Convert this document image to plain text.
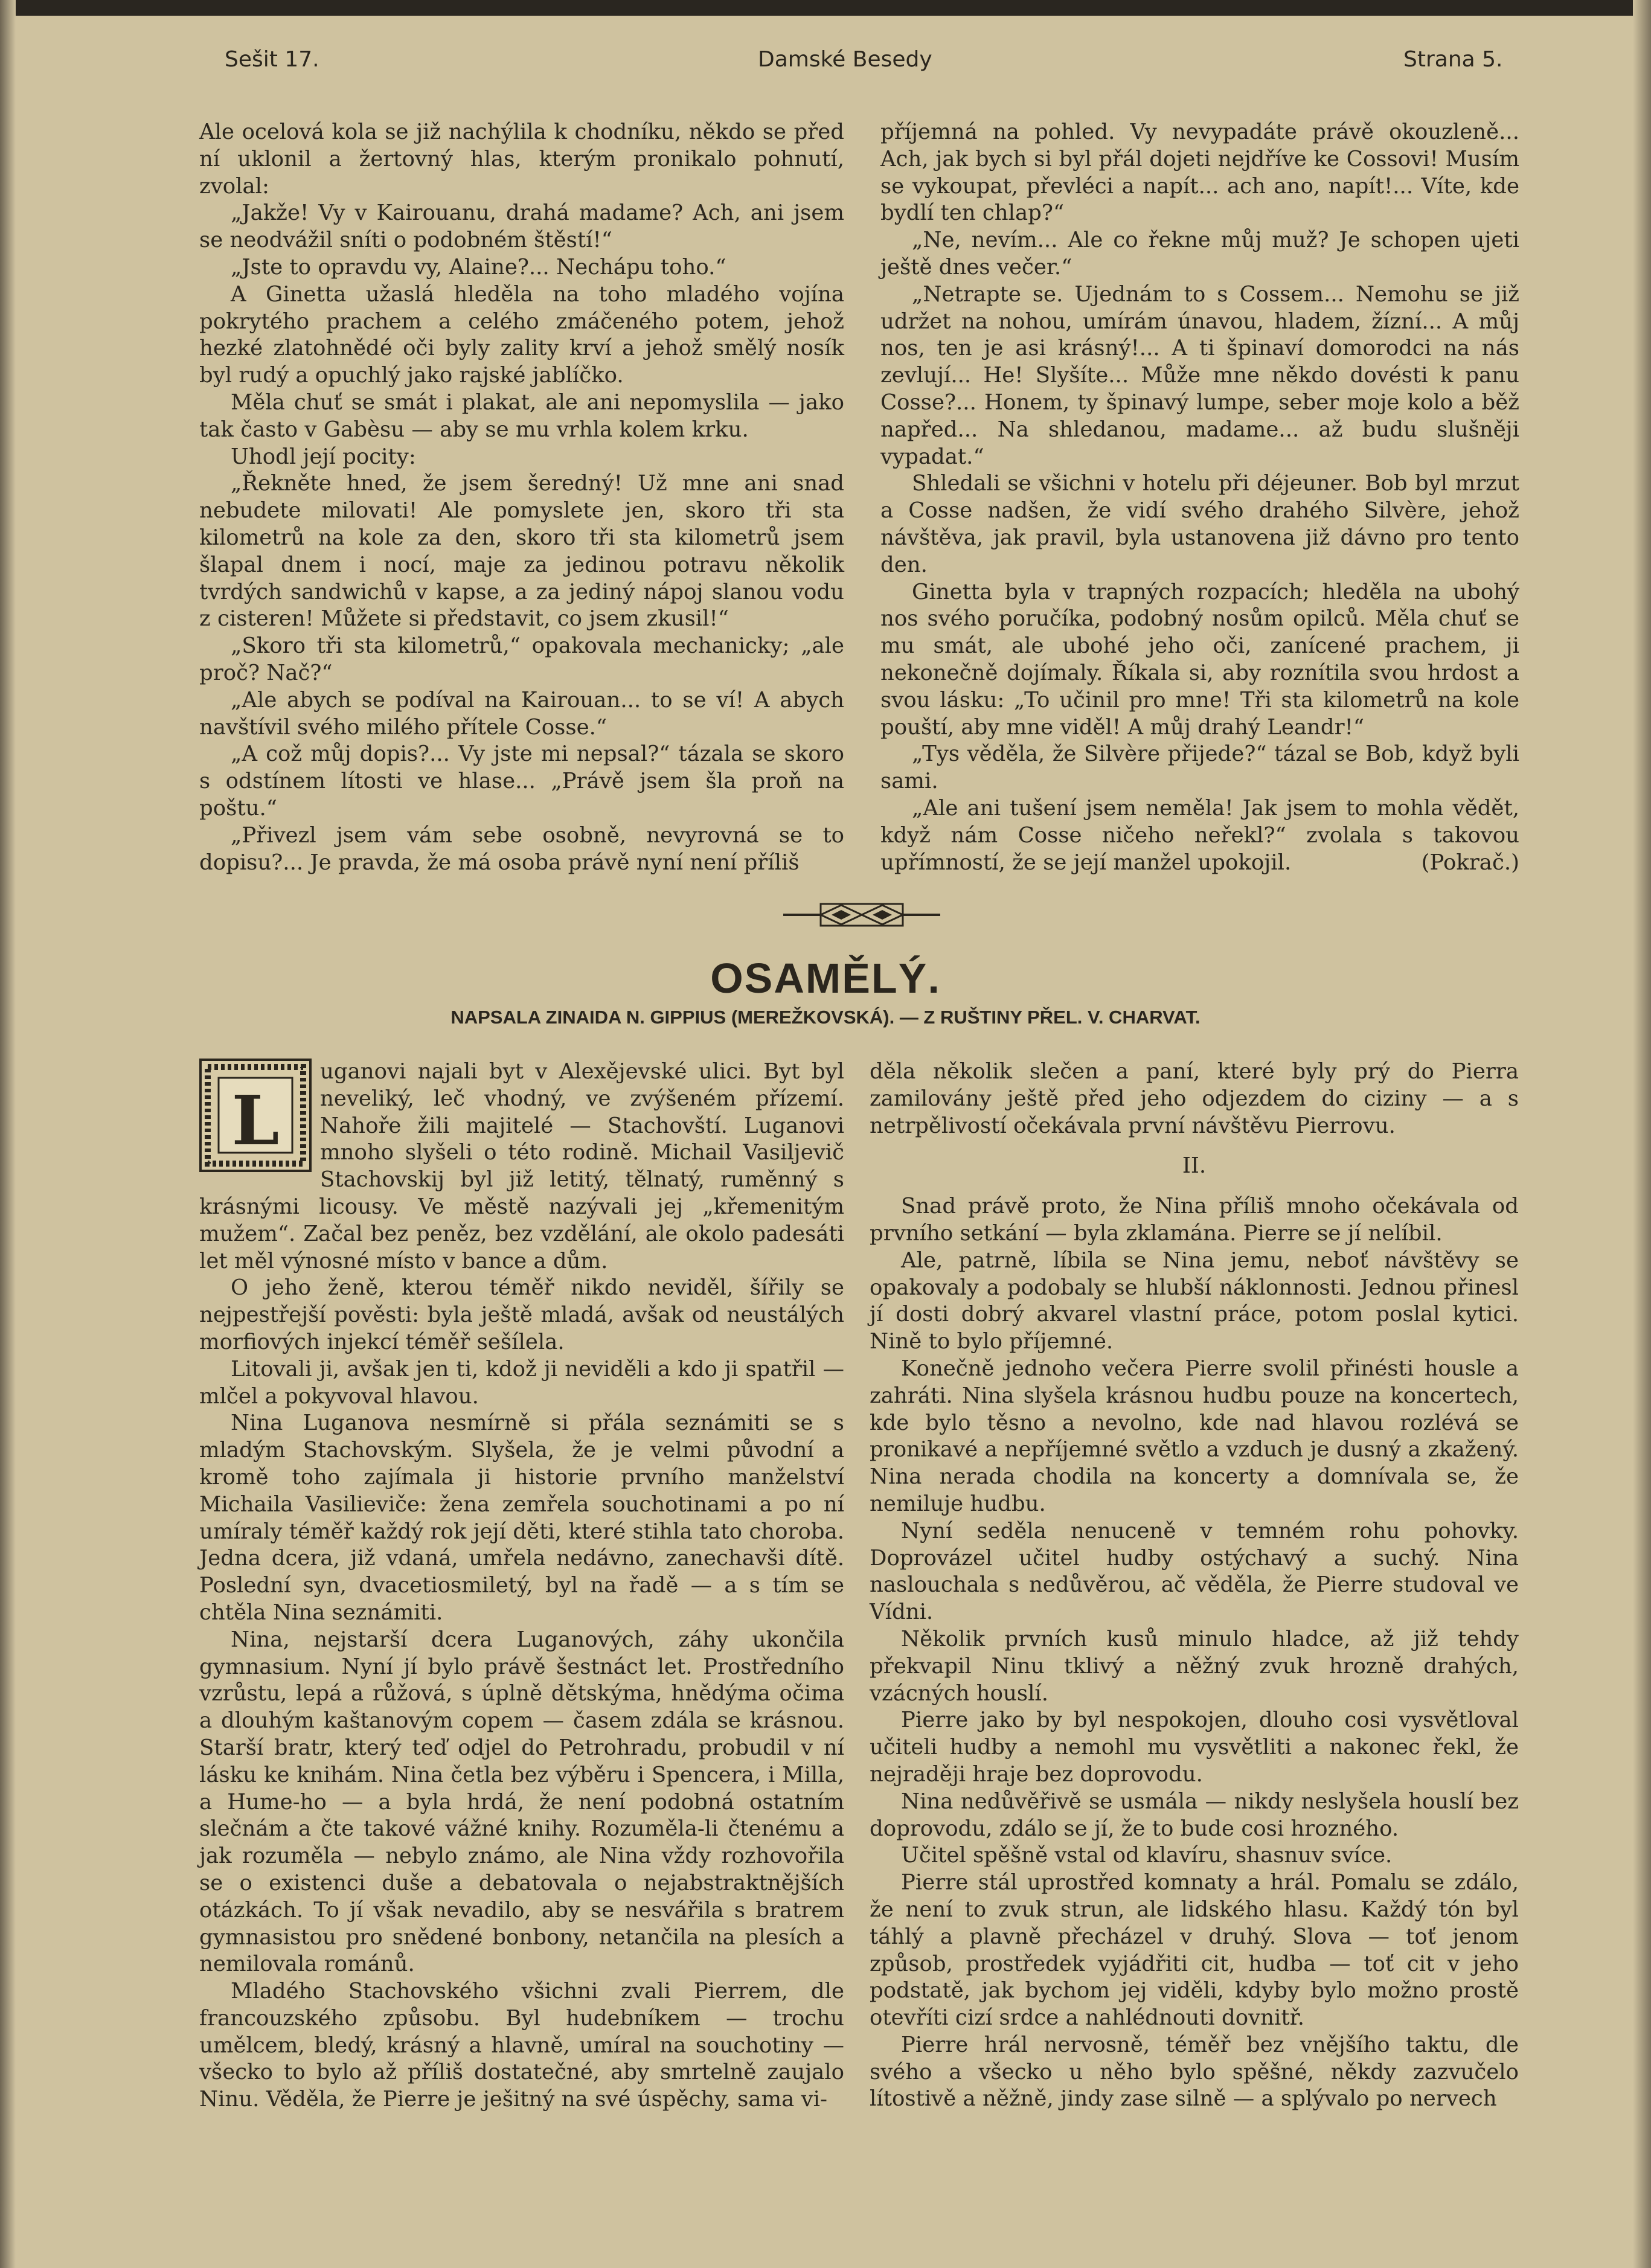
Sešit 17.	Damské Besedy	Strana 5.

Ale ocelová kola se již nachýlila k chodníku, někdo se před ní uklonil a žertovný hlas, kterým pronikalo pohnutí, zvolal:

„Jakže! Vy v Kairouanu, drahá madame? Ach, ani jsem se neodvážil sníti o podobném štěstí!“

„Jste to opravdu vy, Alaine?... Nechápu toho.“

A Ginetta užaslá hleděla na toho mladého vojína pokrytého prachem a celého zmáčeného potem, jehož hezké zlatohnědé oči byly zality krví a jehož smělý nosík byl rudý a opuchlý jako rajské jablíčko.

Měla chuť se smát i plakat, ale ani nepomyslila — jako tak často v Gabèsu — aby se mu vrhla kolem krku.

Uhodl její pocity:

„Řekněte hned, že jsem šeredný! Už mne ani snad nebudete milovati! Ale pomyslete jen, skoro tři sta kilometrů na kole za den, skoro tři sta kilometrů jsem šlapal dnem i nocí, maje za jedinou potravu několik tvrdých sandwichů v kapse, a za jediný nápoj slanou vodu z cisteren! Můžete si představit, co jsem zkusil!“

„Skoro tři sta kilometrů,“ opakovala mechanicky; „ale proč? Nač?“

„Ale abych se podíval na Kairouan... to se ví! A abych navštívil svého milého přítele Cosse.“

„A což můj dopis?... Vy jste mi nepsal?“ tázala se skoro s odstínem lítosti ve hlase... „Právě jsem šla proň na poštu.“

„Přivezl jsem vám sebe osobně, nevyrovná se to dopisu?... Je pravda, že má osoba právě nyní není příliš

příjemná na pohled. Vy nevypadáte právě okouzleně... Ach, jak bych si byl přál dojeti nejdříve ke Cossovi! Musím se vykoupat, převléci a napít... ach ano, napít!... Víte, kde bydlí ten chlap?“

„Ne, nevím... Ale co řekne můj muž? Je schopen ujeti ještě dnes večer.“

„Netrapte se. Ujednám to s Cossem... Nemohu se již udržet na nohou, umírám únavou, hladem, žízní... A můj nos, ten je asi krásný!... A ti špinaví domorodci na nás zevlují... He! Slyšíte... Může mne někdo dovésti k panu Cosse?... Honem, ty špinavý lumpe, seber moje kolo a běž napřed... Na shledanou, madame... až budu slušněji vypadat.“

Shledali se všichni v hotelu při déjeuner. Bob byl mrzut a Cosse nadšen, že vidí svého drahého Silvère, jehož návštěva, jak pravil, byla ustanovena již dávno pro tento den.

Ginetta byla v trapných rozpacích; hleděla na ubohý nos svého poručíka, podobný nosům opilců. Měla chuť se mu smát, ale ubohé jeho oči, zanícené prachem, ji nekonečně dojímaly. Říkala si, aby roznítila svou hrdost a svou lásku: „To učinil pro mne! Tři sta kilometrů na kole pouští, aby mne viděl! A můj drahý Leandr!“

„Tys věděla, že Silvère přijede?“ tázal se Bob, když byli sami.

„Ale ani tušení jsem neměla! Jak jsem to mohla vědět, když nám Cosse ničeho neřekl?“ zvolala s takovou upřímností, že se její manžel upokojil.	(Pokrač.)

OSAMĚLÝ.
NAPSALA ZINAIDA N. GIPPIUS (MEREŽKOVSKÁ). — Z RUŠTINY PŘEL. V. CHARVAT.

L
uganovi najali byt v Alexějevské ulici. Byt byl neveliký, leč vhodný, ve zvýšeném přízemí. Nahoře žili majitelé — Stachovští. Luganovi mnoho slyšeli o této rodině. Michail Vasiljevič Stachovskij byl již letitý, tělnatý, ruměnný s krásnými licousy. Ve městě nazývali jej „křemenitým mužem“. Začal bez peněz, bez vzdělání, ale okolo padesáti let měl výnosné místo v bance a dům.

O jeho ženě, kterou téměř nikdo neviděl, šířily se nejpestřejší pověsti: byla ještě mladá, avšak od neustálých morfiových injekcí téměř sešílela.

Litovali ji, avšak jen ti, kdož ji neviděli a kdo ji spatřil — mlčel a pokyvoval hlavou.

Nina Luganova nesmírně si přála seznámiti se s mladým Stachovským. Slyšela, že je velmi původní a kromě toho zajímala ji historie prvního manželství Michaila Vasilieviče: žena zemřela souchotinami a po ní umíraly téměř každý rok její děti, které stihla tato choroba. Jedna dcera, již vdaná, umřela nedávno, zanechavši dítě. Poslední syn, dvacetiosmiletý, byl na řadě — a s tím se chtěla Nina seznámiti.

Nina, nejstarší dcera Luganových, záhy ukončila gymnasium. Nyní jí bylo právě šestnáct let. Prostředního vzrůstu, lepá a růžová, s úplně dětskýma, hnědýma očima a dlouhým kaštanovým copem — časem zdála se krásnou. Starší bratr, který teď odjel do Petrohradu, probudil v ní lásku ke knihám. Nina četla bez výběru i Spencera, i Milla, a Hume-ho — a byla hrdá, že není podobná ostatním slečnám a čte takové vážné knihy. Rozuměla-li čtenému a jak rozuměla — nebylo známo, ale Nina vždy rozhovořila se o existenci duše a debatovala o nejabstraktnějších otázkách. To jí však nevadilo, aby se nesvářila s bratrem gymnasistou pro snědené bonbony, netančila na plesích a nemilovala románů.

Mladého Stachovského všichni zvali Pierrem, dle francouzského způsobu. Byl hudebníkem — trochu umělcem, bledý, krásný a hlavně, umíral na souchotiny — všecko to bylo až příliš dostatečné, aby smrtelně zaujalo Ninu. Věděla, že Pierre je ješitný na své úspěchy, sama vi-

děla několik slečen a paní, které byly prý do Pierra zamilovány ještě před jeho odjezdem do ciziny — a s netrpělivostí očekávala první návštěvu Pierrovu.

II.

Snad právě proto, že Nina příliš mnoho očekávala od prvního setkání — byla zklamána. Pierre se jí nelíbil.

Ale, patrně, líbila se Nina jemu, neboť návštěvy se opakovaly a podobaly se hlubší náklonnosti. Jednou přinesl jí dosti dobrý akvarel vlastní práce, potom poslal kytici. Nině to bylo příjemné.

Konečně jednoho večera Pierre svolil přinésti housle a zahráti. Nina slyšela krásnou hudbu pouze na koncertech, kde bylo těsno a nevolno, kde nad hlavou rozlévá se pronikavé a nepříjemné světlo a vzduch je dusný a zkažený. Nina nerada chodila na koncerty a domnívala se, že nemiluje hudbu.

Nyní seděla nenuceně v temném rohu pohovky. Doprovázel učitel hudby ostýchavý a suchý. Nina naslouchala s nedůvěrou, ač věděla, že Pierre studoval ve Vídni.

Několik prvních kusů minulo hladce, až již tehdy překvapil Ninu tklivý a něžný zvuk hrozně drahých, vzácných houslí.

Pierre jako by byl nespokojen, dlouho cosi vysvětloval učiteli hudby a nemohl mu vysvětliti a nakonec řekl, že nejraději hraje bez doprovodu.

Nina nedůvěřivě se usmála — nikdy neslyšela houslí bez doprovodu, zdálo se jí, že to bude cosi hrozného.

Učitel spěšně vstal od klavíru, shasnuv svíce.

Pierre stál uprostřed komnaty a hrál. Pomalu se zdálo, že není to zvuk strun, ale lidského hlasu. Každý tón byl táhlý a plavně přecházel v druhý. Slova — toť jenom způsob, prostředek vyjádřiti cit, hudba — toť cit v jeho podstatě, jak bychom jej viděli, kdyby bylo možno prostě otevříti cizí srdce a nahlédnouti dovnitř.

Pierre hrál nervosně, téměř bez vnějšího taktu, dle svého a všecko u něho bylo spěšné, někdy zazvučelo lítostivě a něžně, jindy zase silně — a splývalo po nervech
